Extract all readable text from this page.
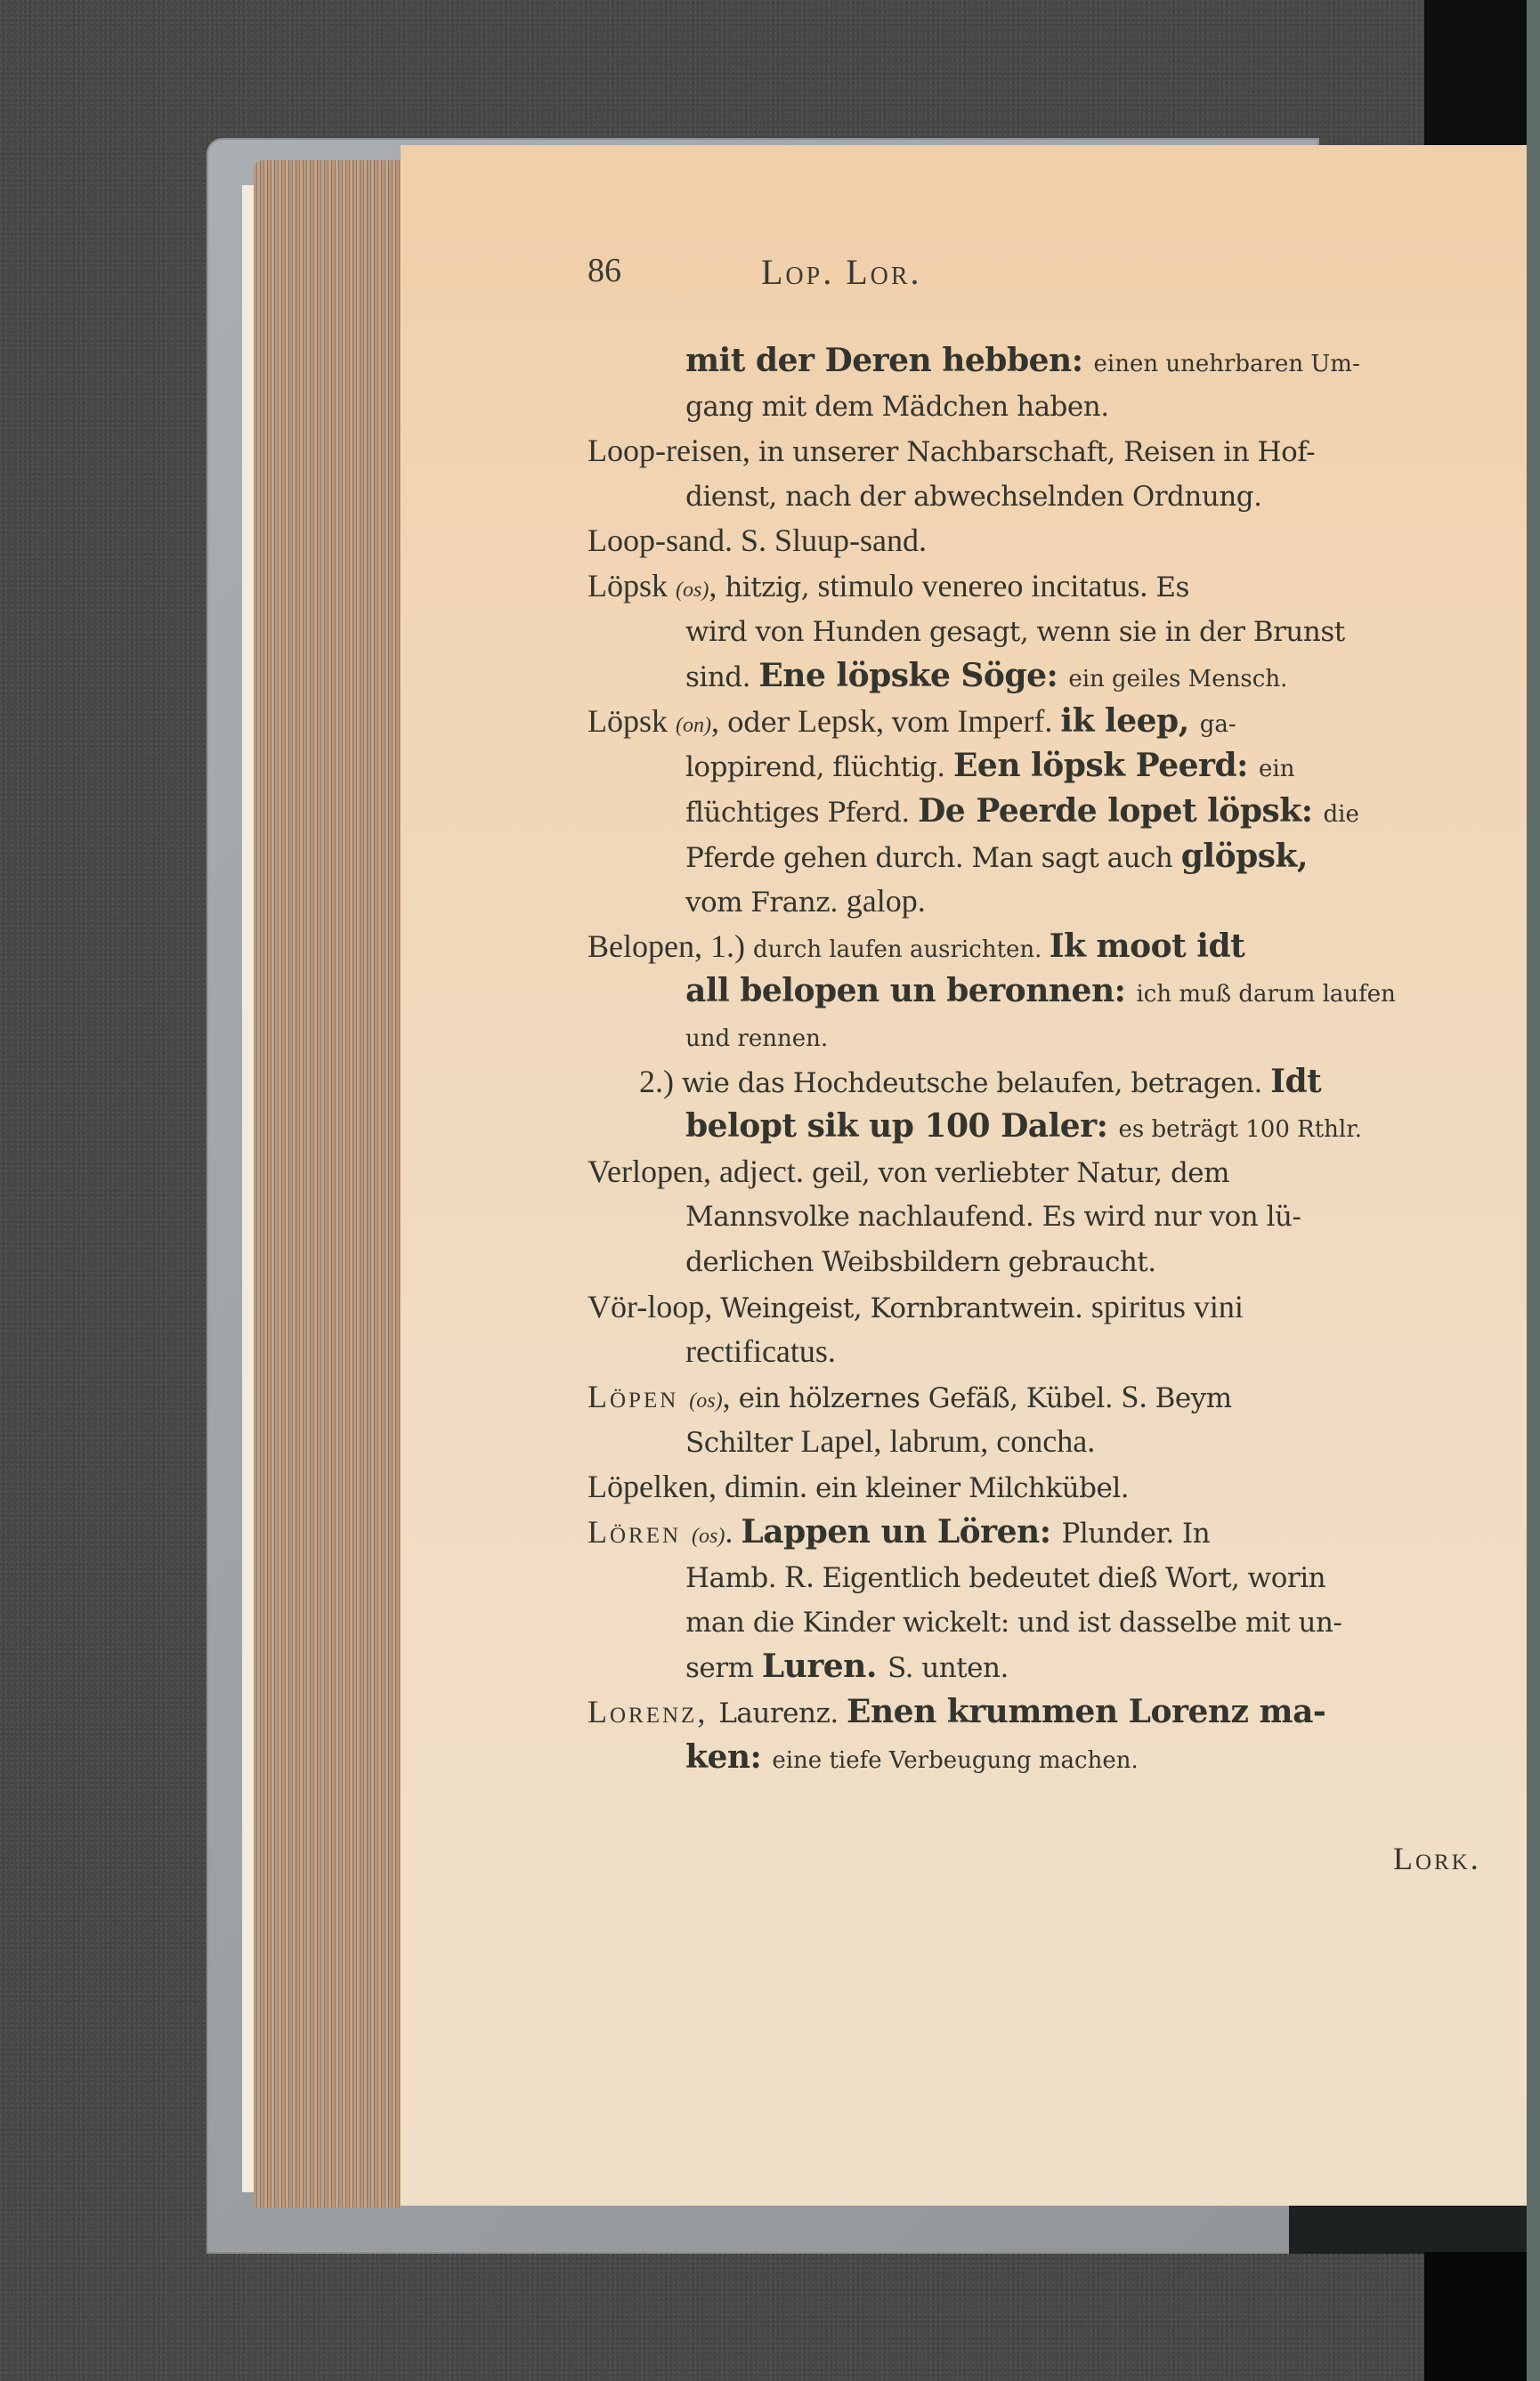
86	Lop. Lor.
mit der Deren hebben: einen unehrbaren Um-
gang mit dem Mädchen haben.
Loop-reisen, in unserer Nachbarschaft, Reisen in Hof-
dienst, nach der abwechselnden Ordnung.
Loop-sand. S. Sluup-sand.
Löpsk (os), hitzig, stimulo venereo incitatus. Es
wird von Hunden gesagt, wenn sie in der Brunst
sind. Ene löpske Söge: ein geiles Mensch.
Löpsk (on), oder Lepsk, vom Imperf. ik leep, ga-
loppirend, flüchtig. Een löpsk Peerd: ein
flüchtiges Pferd. De Peerde lopet löpsk: die
Pferde gehen durch. Man sagt auch glöpsk,
vom Franz. galop.
Belopen, 1.) durch laufen ausrichten. Ik moot idt
all belopen un beronnen: ich muß darum laufen
und rennen.
2.) wie das Hochdeutsche belaufen, betragen. Idt
belopt sik up 100 Daler: es beträgt 100 Rthlr.
Verlopen, adject. geil, von verliebter Natur, dem
Mannsvolke nachlaufend. Es wird nur von lü-
derlichen Weibsbildern gebraucht.
Vör-loop, Weingeist, Kornbrantwein. spiritus vini
rectificatus.
Löpen (os), ein hölzernes Gefäß, Kübel. S. Beym
Schilter Lapel, labrum, concha.
Löpelken, dimin. ein kleiner Milchkübel.
Lören (os). Lappen un Lören: Plunder. In
Hamb. R. Eigentlich bedeutet dieß Wort, worin
man die Kinder wickelt: und ist dasselbe mit un-
serm Luren. S. unten.
Lorenz, Laurenz. Enen krummen Lorenz ma-
ken: eine tiefe Verbeugung machen.
Lork.
